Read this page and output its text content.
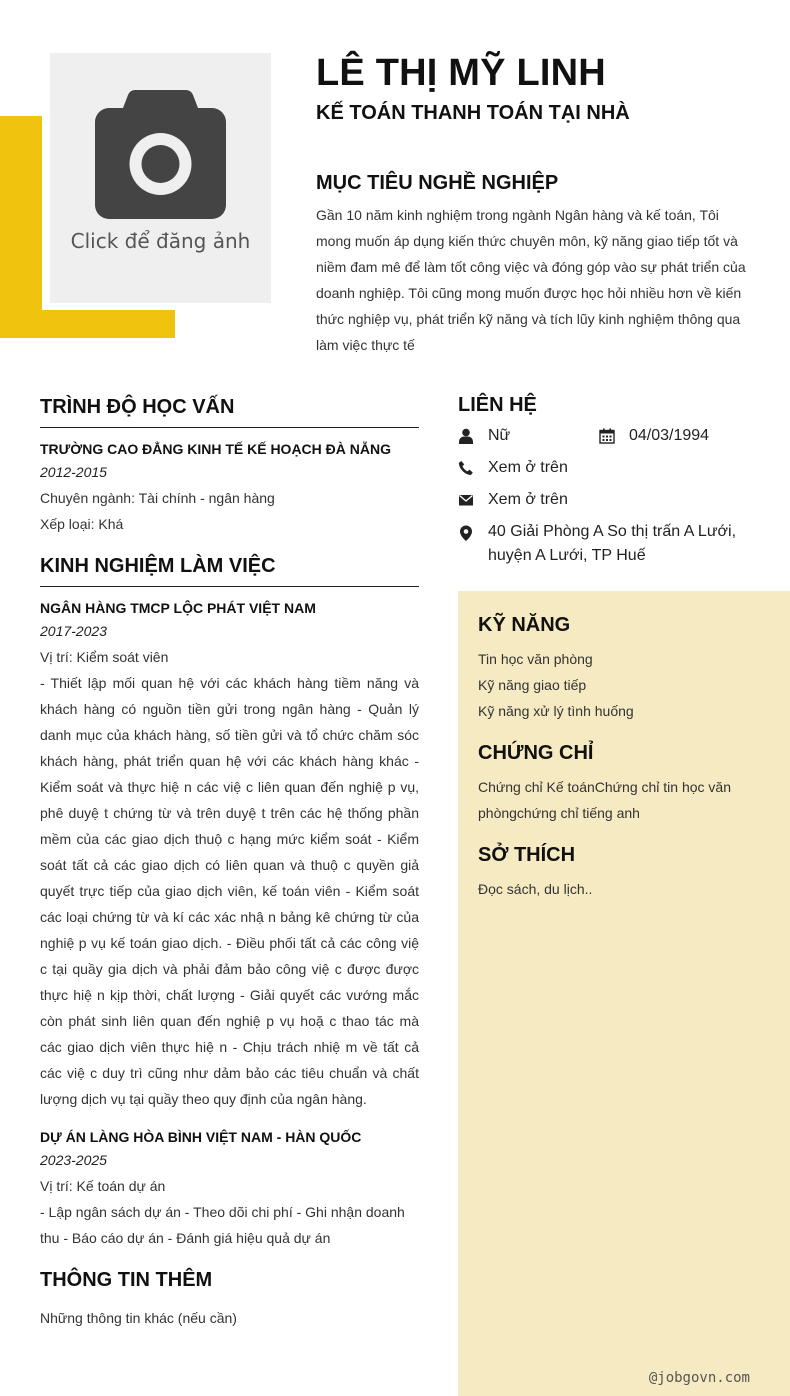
Click để đăng ảnh
LÊ THỊ MỸ LINH
KẾ TOÁN THANH TOÁN TẠI NHÀ
MỤC TIÊU NGHỀ NGHIỆP
Gần 10 năm kinh nghiệm trong ngành Ngân hàng và kế toán, Tôi mong muốn áp dụng kiến thức chuyên môn, kỹ năng giao tiếp tốt và niềm đam mê để làm tốt công việc và đóng góp vào sự phát triển của doanh nghiệp. Tôi cũng mong muốn được học hỏi nhiều hơn về kiến thức nghiệp vụ, phát triển kỹ năng và tích lũy kinh nghiệm thông qua làm việc thực tế
TRÌNH ĐỘ HỌC VẤN
TRƯỜNG CAO ĐẲNG KINH TẾ KẾ HOẠCH ĐÀ NẴNG
2012-2015
Chuyên ngành: Tài chính - ngân hàng
Xếp loại: Khá
KINH NGHIỆM LÀM VIỆC
NGÂN HÀNG TMCP LỘC PHÁT VIỆT NAM
2017-2023
Vị trí: Kiểm soát viên
- Thiết lập mối quan hệ với các khách hàng tiềm năng và khách hàng có nguồn tiền gửi trong ngân hàng - Quản lý danh mục của khách hàng, số tiền gửi và tổ chức chăm sóc khách hàng, phát triển quan hệ với các khách hàng khác - Kiểm soát và thực hiệ n các việ c liên quan đến nghiệ p vụ, phê duyệ t chứng từ và trên duyệ t trên các hệ thống phần mềm của các giao dịch thuộ c hạng mức kiểm soát - Kiểm soát tất cả các giao dịch có liên quan và thuộ c quyền giả quyết trực tiếp của giao dịch viên, kế toán viên - Kiểm soát các loại chứng từ và kí các xác nhậ n bảng kê chứng từ của nghiệ p vụ kế toán giao dịch. - Điều phối tất cả các công việ c tại quầy gia dịch và phải đảm bảo công việ c được được thực hiệ n kịp thời, chất lượng - Giải quyết các vướng mắc còn phát sinh liên quan đến nghiệ p vụ hoặ c thao tác mà các giao dịch viên thực hiệ n - Chịu trách nhiệ m về tất cả các việ c duy trì cũng như dảm bảo các tiêu chuẩn và chất lượng dịch vụ tại quầy theo quy định của ngân hàng.
DỰ ÁN LÀNG HÒA BÌNH VIỆT NAM - HÀN QUỐC
2023-2025
Vị trí: Kế toán dự án
- Lập ngân sách dự án - Theo dõi chi phí - Ghi nhận doanh thu - Báo cáo dự án - Đánh giá hiệu quả dự án
THÔNG TIN THÊM
Những thông tin khác (nếu cần)
LIÊN HỆ
Nữ	04/03/1994
Xem ở trên
Xem ở trên
40 Giải Phòng A So thị trấn A Lưới, huyện A Lưới, TP Huế
KỸ NĂNG
Tin học văn phòng
Kỹ năng giao tiếp
Kỹ năng xử lý tình huống
CHỨNG CHỈ
Chứng chỉ Kế toánChứng chỉ tin học văn phòngchứng chỉ tiếng anh
SỞ THÍCH
Đọc sách, du lịch..
@jobgovn.com
